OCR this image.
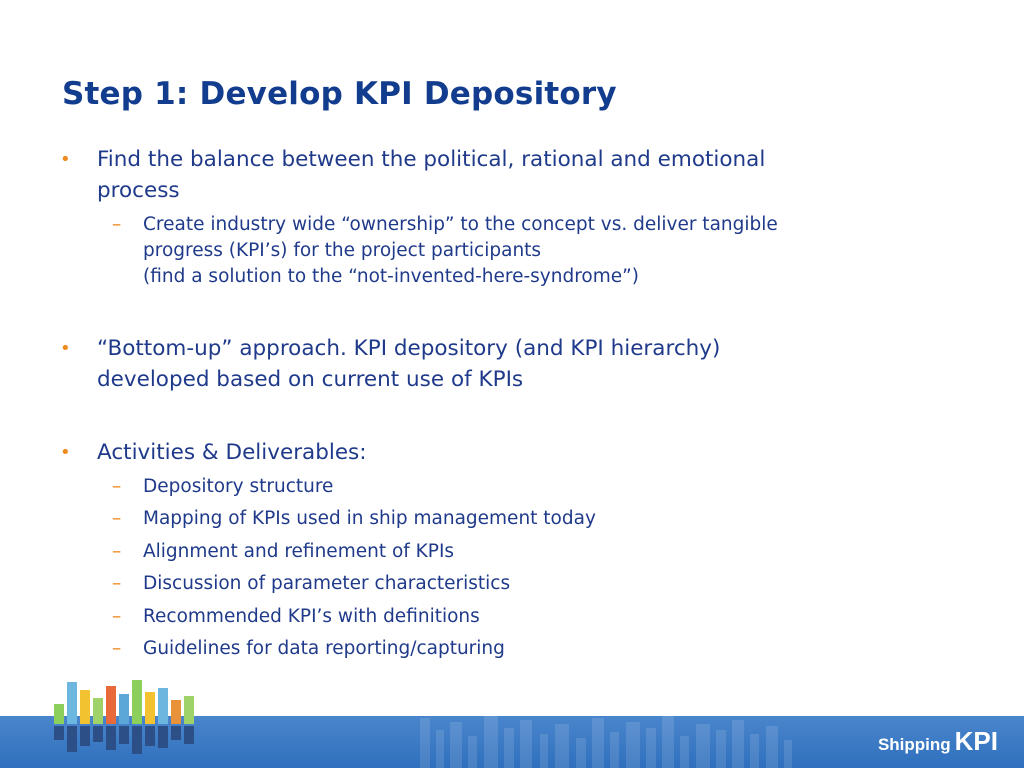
Step 1: Develop KPI Depository
• Find the balance between the political, rational and emotional
process
– Create industry wide “ownership” to the concept vs. deliver tangible
progress (KPI’s) for the project participants
(find a solution to the “not-invented-here-syndrome”)
• “Bottom-up” approach. KPI depository (and KPI hierarchy)
developed based on current use of KPIs
• Activities & Deliverables:
– Depository structure
– Mapping of KPIs used in ship management today
– Alignment and refinement of KPIs
– Discussion of parameter characteristics
– Recommended KPI’s with definitions
– Guidelines for data reporting/capturing
Shipping KPI
